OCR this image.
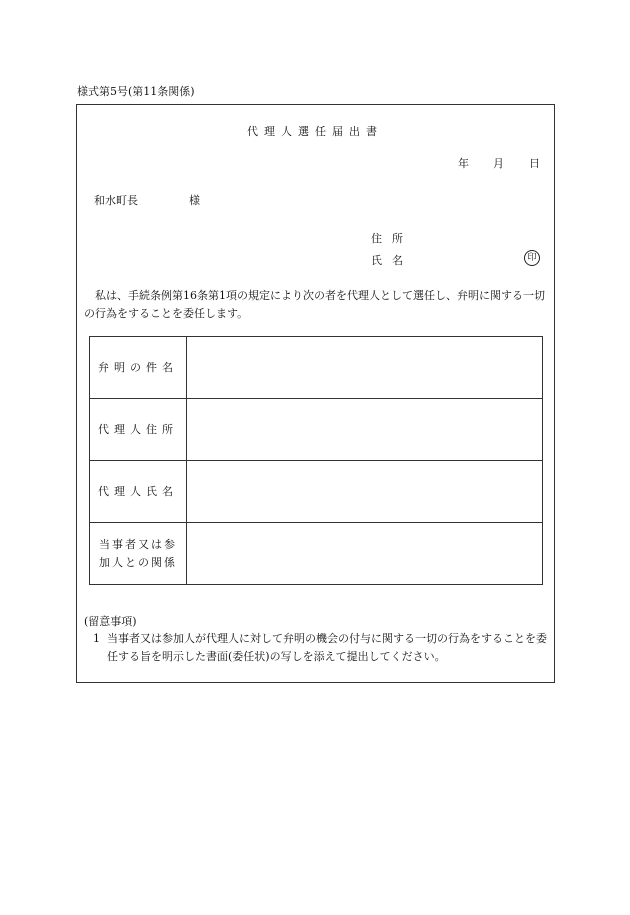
様式第5号(第11条関係)
代理人選任届出書
年 月 日
和水町長	様
住所
氏名	印
私は、手続条例第16条第1項の規定により次の者を代理人として選任し、弁明に関する一切の行為をすることを委任します。
弁明の件名	
代理人住所	
代理人氏名	
当事者又は参加人との関係	
(留意事項)
1 当事者又は参加人が代理人に対して弁明の機会の付与に関する一切の行為をすることを委任する旨を明示した書面(委任状)の写しを添えて提出してください。
